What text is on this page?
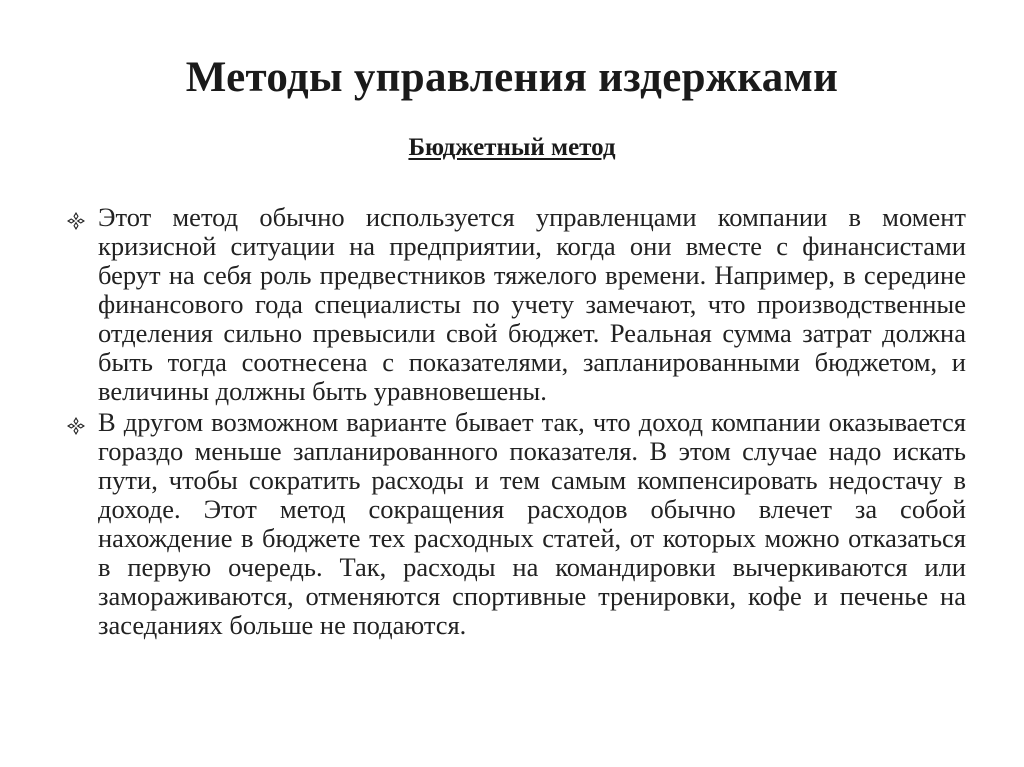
Методы управления издержками
Бюджетный метод

Этот метод обычно используется управленцами компании в момент кризисной ситуации на предприятии, когда они вместе с финансистами берут на себя роль предвестников тяжелого времени. Например, в середине финансового года специалисты по учету замечают, что производственные отделения сильно превысили свой бюджет. Реальная сумма затрат должна быть тогда соотнесена с показателями, запланированными бюджетом, и величины должны быть уравновешены.

В другом возможном варианте бывает так, что доход компании оказывается гораздо меньше запланированного показателя. В этом случае надо искать пути, чтобы сократить расходы и тем самым компенсировать недостачу в доходе. Этот метод сокращения расходов обычно влечет за собой нахождение в бюджете тех расходных статей, от которых можно отказаться в первую очередь. Так, расходы на командировки вычеркиваются или замораживаются, отменяются спортивные тренировки, кофе и печенье на заседаниях больше не подаются.
